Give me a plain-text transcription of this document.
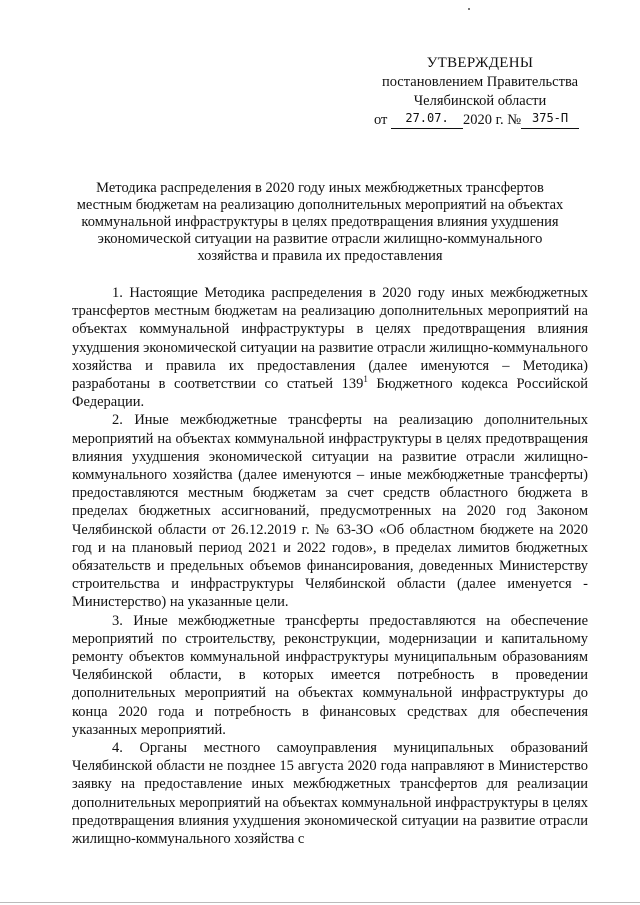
УТВЕРЖДЕНЫ
постановлением Правительства
Челябинской области
от 27.07. 2020 г. № 375-П
Методика распределения в 2020 году иных межбюджетных трансфертов местным бюджетам на реализацию дополнительных мероприятий на объектах коммунальной инфраструктуры в целях предотвращения влияния ухудшения экономической ситуации на развитие отрасли жилищно-коммунального хозяйства и правила их предоставления

1. Настоящие Методика распределения в 2020 году иных межбюджетных трансфертов местным бюджетам на реализацию дополнительных мероприятий на объектах коммунальной инфраструктуры в целях предотвращения влияния ухудшения экономической ситуации на развитие отрасли жилищно-коммунального хозяйства и правила их предоставления (далее именуются – Методика) разработаны в соответствии со статьей $139^1$ Бюджетного кодекса Российской Федерации.

2. Иные межбюджетные трансферты на реализацию дополнительных мероприятий на объектах коммунальной инфраструктуры в целях предотвращения влияния ухудшения экономической ситуации на развитие отрасли жилищно-коммунального хозяйства (далее именуются – иные межбюджетные трансферты) предоставляются местным бюджетам за счет средств областного бюджета в пределах бюджетных ассигнований, предусмотренных на 2020 год Законом Челябинской области от 26.12.2019 г. № 63-ЗО «Об областном бюджете на 2020 год и на плановый период 2021 и 2022 годов», в пределах лимитов бюджетных обязательств и предельных объемов финансирования, доведенных Министерству строительства и инфраструктуры Челябинской области (далее именуется - Министерство) на указанные цели.

3. Иные межбюджетные трансферты предоставляются на обеспечение мероприятий по строительству, реконструкции, модернизации и капитальному ремонту объектов коммунальной инфраструктуры муниципальным образованиям Челябинской области, в которых имеется потребность в проведении дополнительных мероприятий на объектах коммунальной инфраструктуры до конца 2020 года и потребность в финансовых средствах для обеспечения указанных мероприятий.

4. Органы местного самоуправления муниципальных образований Челябинской области не позднее 15 августа 2020 года направляют в Министерство заявку на предоставление иных межбюджетных трансфертов для реализации дополнительных мероприятий на объектах коммунальной инфраструктуры в целях предотвращения влияния ухудшения экономической ситуации на развитие отрасли жилищно-коммунального хозяйства с
